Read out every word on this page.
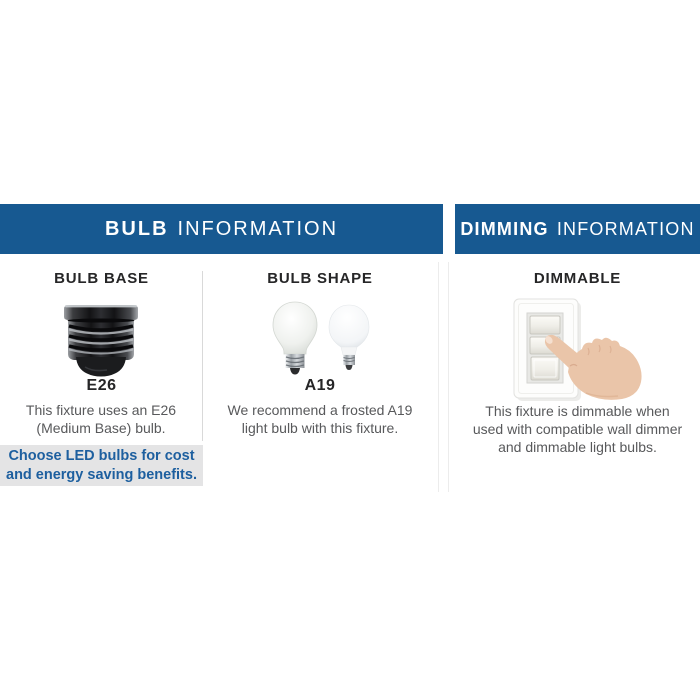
BULB INFORMATION	DIMMING INFORMATION
BULB BASE
E26

This fixture uses an E26 (Medium Base) bulb.

Choose LED bulbs for cost and energy saving benefits.

BULB SHAPE
A19

We recommend a frosted A19 light bulb with this fixture.

DIMMABLE

This fixture is dimmable when used with compatible wall dimmer and dimmable light bulbs.
